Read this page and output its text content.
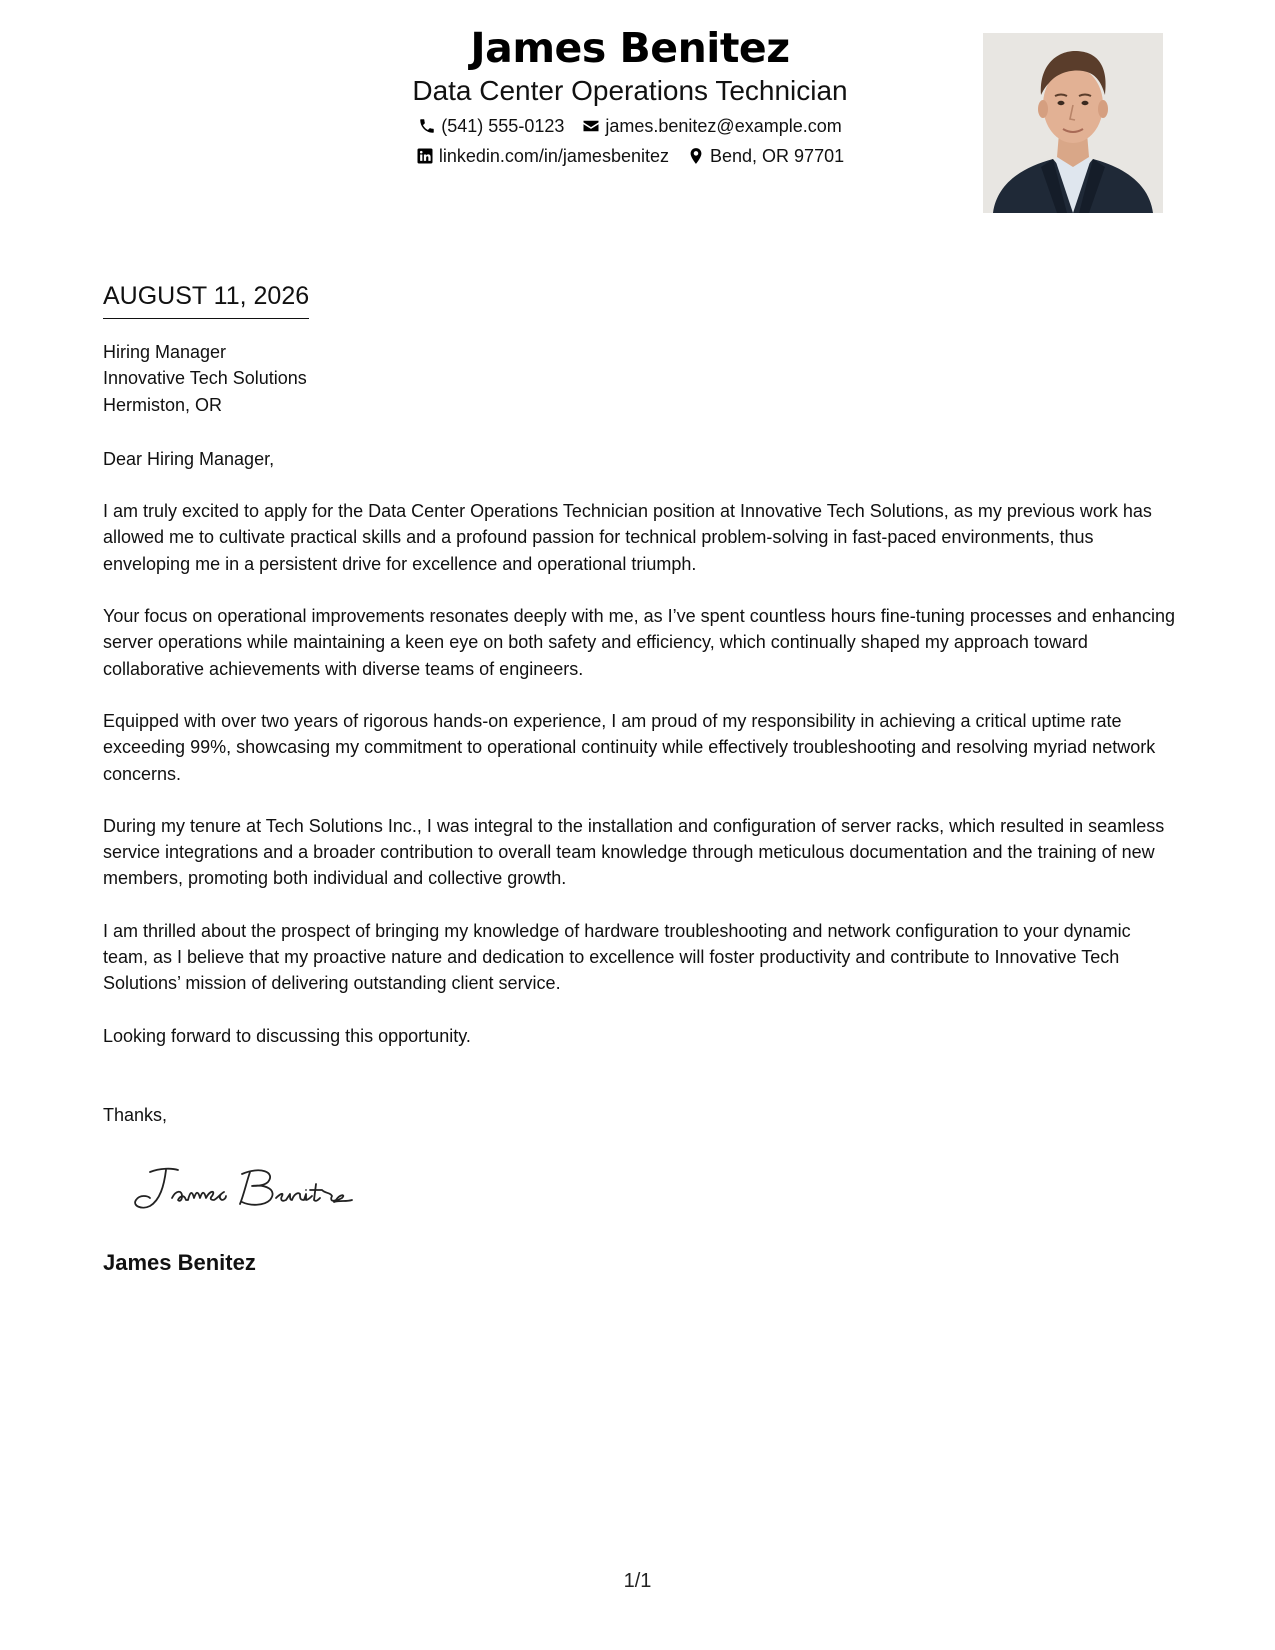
James Benitez
Data Center Operations Technician
(541) 555-0123 james.benitez@example.com
linkedin.com/in/jamesbenitez Bend, OR 97701
AUGUST 11, 2026
Hiring Manager
Innovative Tech Solutions
Hermiston, OR
Dear Hiring Manager,
I am truly excited to apply for the Data Center Operations Technician position at Innovative Tech Solutions, as my previous work has allowed me to cultivate practical skills and a profound passion for technical problem-solving in fast-paced environments, thus enveloping me in a persistent drive for excellence and operational triumph.
Your focus on operational improvements resonates deeply with me, as I’ve spent countless hours fine-tuning processes and enhancing server operations while maintaining a keen eye on both safety and efficiency, which continually shaped my approach toward collaborative achievements with diverse teams of engineers.
Equipped with over two years of rigorous hands-on experience, I am proud of my responsibility in achieving a critical uptime rate exceeding 99%, showcasing my commitment to operational continuity while effectively troubleshooting and resolving myriad network concerns.
During my tenure at Tech Solutions Inc., I was integral to the installation and configuration of server racks, which resulted in seamless service integrations and a broader contribution to overall team knowledge through meticulous documentation and the training of new members, promoting both individual and collective growth.
I am thrilled about the prospect of bringing my knowledge of hardware troubleshooting and network configuration to your dynamic team, as I believe that my proactive nature and dedication to excellence will foster productivity and contribute to Innovative Tech Solutions’ mission of delivering outstanding client service.
Looking forward to discussing this opportunity.
Thanks,
James Benitez
1/1
